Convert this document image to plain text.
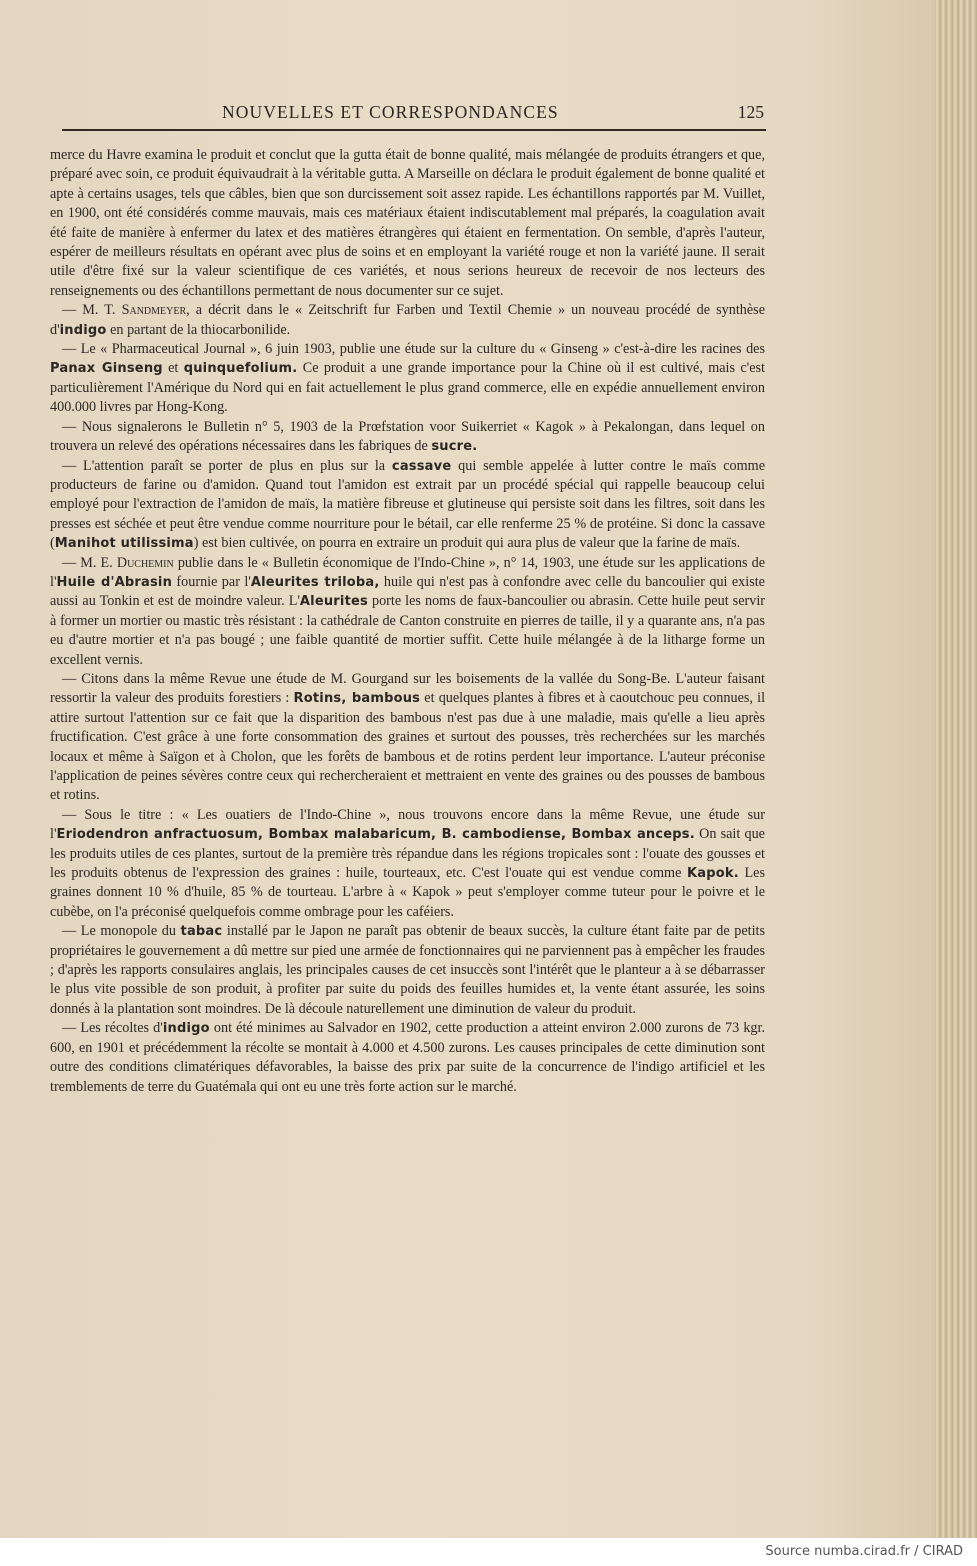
NOUVELLES ET CORRESPONDANCES	125

merce du Havre examina le produit et conclut que la gutta était de bonne qualité, mais mélangée de produits étrangers et que, préparé avec soin, ce produit équivaudrait à la véritable gutta. A Marseille on déclara le produit également de bonne qualité et apte à certains usages, tels que câbles, bien que son durcissement soit assez rapide. Les échantillons rapportés par M. Vuillet, en 1900, ont été considérés comme mauvais, mais ces matériaux étaient indiscutablement mal préparés, la coagulation avait été faite de manière à enfermer du latex et des matières étrangères qui étaient en fermentation. On semble, d'après l'auteur, espérer de meilleurs résultats en opérant avec plus de soins et en employant la variété rouge et non la variété jaune. Il serait utile d'être fixé sur la valeur scientifique de ces variétés, et nous serions heureux de recevoir de nos lecteurs des renseignements ou des échantillons permettant de nous documenter sur ce sujet.

— M. T. Sandmeyer, a décrit dans le « Zeitschrift fur Farben und Textil Chemie » un nouveau procédé de synthèse d'indigo en partant de la thiocarbonilide.

— Le « Pharmaceutical Journal », 6 juin 1903, publie une étude sur la culture du « Ginseng » c'est-à-dire les racines des Panax Ginseng et quinquefolium. Ce produit a une grande importance pour la Chine où il est cultivé, mais c'est particulièrement l'Amérique du Nord qui en fait actuellement le plus grand commerce, elle en expédie annuellement environ 400.000 livres par Hong-Kong.

— Nous signalerons le Bulletin n° 5, 1903 de la Prœfstation voor Suikerriet « Kagok » à Pekalongan, dans lequel on trouvera un relevé des opérations nécessaires dans les fabriques de sucre.

— L'attention paraît se porter de plus en plus sur la cassave qui semble appelée à lutter contre le maïs comme producteurs de farine ou d'amidon. Quand tout l'amidon est extrait par un procédé spécial qui rappelle beaucoup celui employé pour l'extraction de l'amidon de maïs, la matière fibreuse et glutineuse qui persiste soit dans les filtres, soit dans les presses est séchée et peut être vendue comme nourriture pour le bétail, car elle renferme 25 % de protéine. Si donc la cassave (Manihot utilissima) est bien cultivée, on pourra en extraire un produit qui aura plus de valeur que la farine de maïs.

— M. E. Duchemin publie dans le « Bulletin économique de l'Indo-Chine », n° 14, 1903, une étude sur les applications de l'Huile d'Abrasin fournie par l'Aleurites triloba, huile qui n'est pas à confondre avec celle du bancoulier qui existe aussi au Tonkin et est de moindre valeur. L'Aleurites porte les noms de faux-bancoulier ou abrasin. Cette huile peut servir à former un mortier ou mastic très résistant : la cathédrale de Canton construite en pierres de taille, il y a quarante ans, n'a pas eu d'autre mortier et n'a pas bougé ; une faible quantité de mortier suffit. Cette huile mélangée à de la litharge forme un excellent vernis.

— Citons dans la même Revue une étude de M. Gourgand sur les boisements de la vallée du Song-Be. L'auteur faisant ressortir la valeur des produits forestiers : Rotins, bambous et quelques plantes à fibres et à caoutchouc peu connues, il attire surtout l'attention sur ce fait que la disparition des bambous n'est pas due à une maladie, mais qu'elle a lieu après fructification. C'est grâce à une forte consommation des graines et surtout des pousses, très recherchées sur les marchés locaux et même à Saïgon et à Cholon, que les forêts de bambous et de rotins perdent leur importance. L'auteur préconise l'application de peines sévères contre ceux qui rechercheraient et mettraient en vente des graines ou des pousses de bambous et rotins.

— Sous le titre : « Les ouatiers de l'Indo-Chine », nous trouvons encore dans la même Revue, une étude sur l'Eriodendron anfractuosum, Bombax malabaricum, B. cambodiense, Bombax anceps. On sait que les produits utiles de ces plantes, surtout de la première très répandue dans les régions tropicales sont : l'ouate des gousses et les produits obtenus de l'expression des graines : huile, tourteaux, etc. C'est l'ouate qui est vendue comme Kapok. Les graines donnent 10 % d'huile, 85 % de tourteau. L'arbre à « Kapok » peut s'employer comme tuteur pour le poivre et le cubèbe, on l'a préconisé quelquefois comme ombrage pour les caféiers.

— Le monopole du tabac installé par le Japon ne paraît pas obtenir de beaux succès, la culture étant faite par de petits propriétaires le gouvernement a dû mettre sur pied une armée de fonctionnaires qui ne parviennent pas à empêcher les fraudes ; d'après les rapports consulaires anglais, les principales causes de cet insuccès sont l'intérêt que le planteur a à se débarrasser le plus vite possible de son produit, à profiter par suite du poids des feuilles humides et, la vente étant assurée, les soins donnés à la plantation sont moindres. De là découle naturellement une diminution de valeur du produit.

— Les récoltes d'indigo ont été minimes au Salvador en 1902, cette production a atteint environ 2.000 zurons de 73 kgr. 600, en 1901 et précédemment la récolte se montait à 4.000 et 4.500 zurons. Les causes principales de cette diminution sont outre des conditions climatériques défavorables, la baisse des prix par suite de la concurrence de l'indigo artificiel et les tremblements de terre du Guatémala qui ont eu une très forte action sur le marché.

Source numba.cirad.fr / CIRAD
